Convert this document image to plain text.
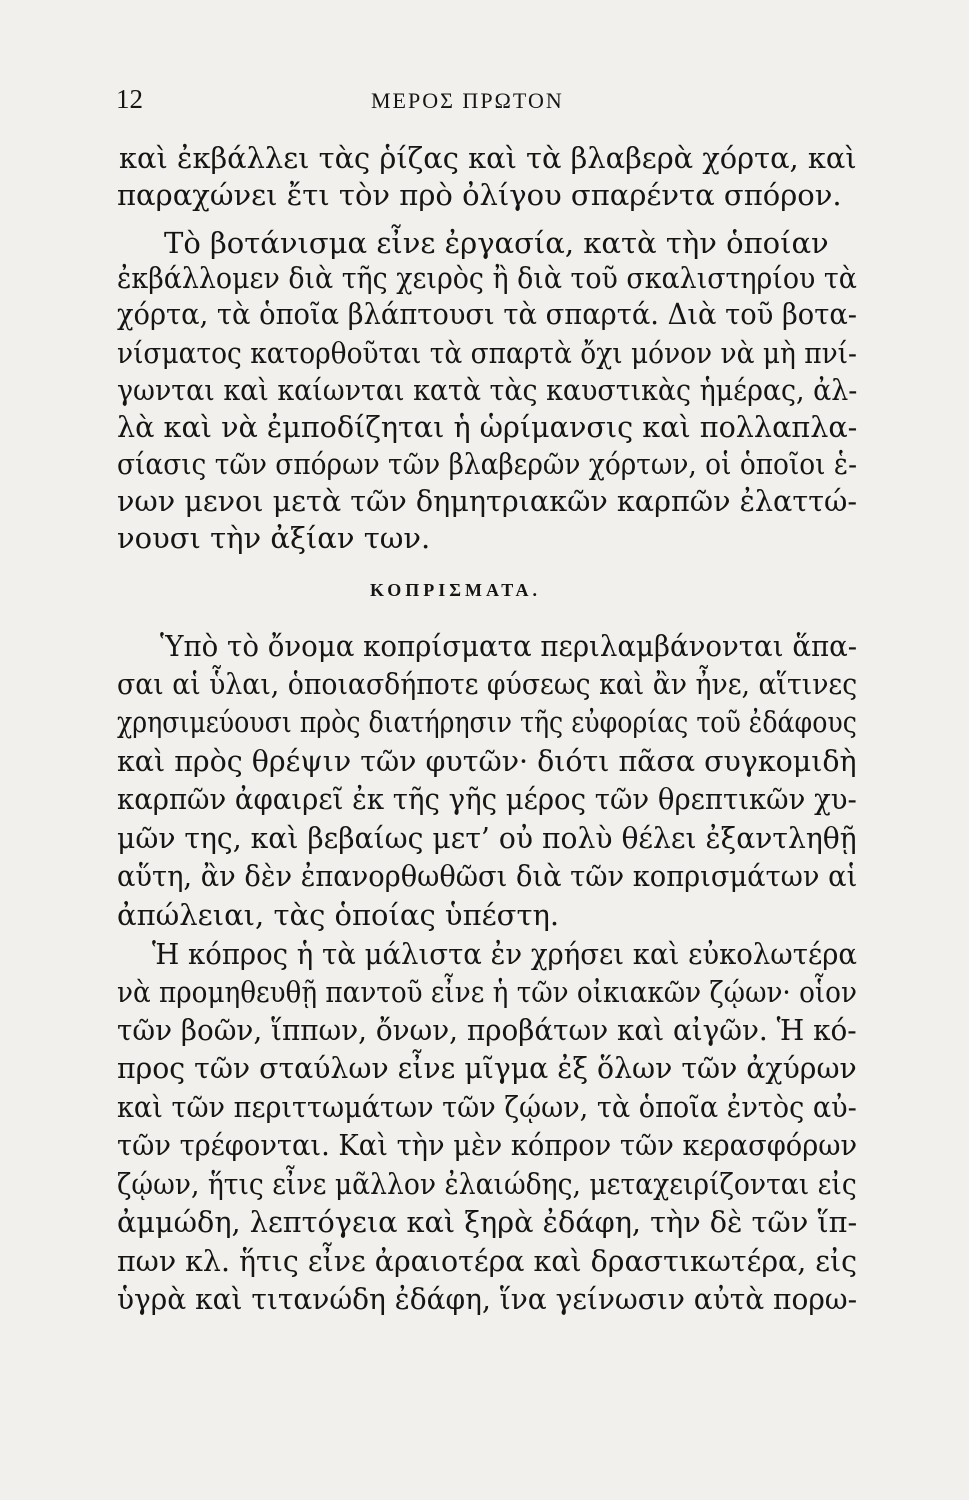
12	ΜΕΡΟΣ ΠΡΩΤΟΝ
καὶ ἐκβάλλει τὰς ῥίζας καὶ τὰ βλαβερὰ χόρτα, καὶ
παραχώνει ἔτι τὸν πρὸ ὀλίγου σπαρέντα σπόρον.
Τὸ βοτάνισμα εἶνε ἐργασία, κατὰ τὴν ὁποίαν
ἐκβάλλομεν διὰ τῆς χειρὸς ἢ διὰ τοῦ σκαλιστηρίου τὰ
χόρτα, τὰ ὁποῖα βλάπτουσι τὰ σπαρτά. Διὰ τοῦ βοτα-
νίσματος κατορθοῦται τὰ σπαρτὰ ὄχι μόνον νὰ μὴ πνί-
γωνται καὶ καίωνται κατὰ τὰς καυστικὰς ἡμέρας, ἀλ-
λὰ καὶ νὰ ἐμποδίζηται ἡ ὡρίμανσις καὶ πολλαπλα-
σίασις τῶν σπόρων τῶν βλαβερῶν χόρτων, οἱ ὁποῖοι ἑ-
νων μενοι μετὰ τῶν δημητριακῶν καρπῶν ἐλαττώ-
νουσι τὴν ἀξίαν των.
ΚΟΠΡΙΣΜΑΤΑ.
Ὑπὸ τὸ ὄνομα κοπρίσματα περιλαμβάνονται ἅπα-
σαι αἱ ὗλαι, ὁποιασδήποτε φύσεως καὶ ἂν ἦνε, αἵτινες
χρησιμεύουσι πρὸς διατήρησιν τῆς εὐφορίας τοῦ ἐδάφους
καὶ πρὸς θρέψιν τῶν φυτῶν· διότι πᾶσα συγκομιδὴ
καρπῶν ἀφαιρεῖ ἐκ τῆς γῆς μέρος τῶν θρεπτικῶν χυ-
μῶν της, καὶ βεβαίως μετ’ οὐ πολὺ θέλει ἐξαντληθῇ
αὕτη, ἂν δὲν ἐπανορθωθῶσι διὰ τῶν κοπρισμάτων αἱ
ἀπώλειαι, τὰς ὁποίας ὑπέστη.
Ἡ κόπρος ἡ τὰ μάλιστα ἐν χρήσει καὶ εὐκολωτέρα
νὰ προμηθευθῇ παντοῦ εἶνε ἡ τῶν οἰκιακῶν ζῴων· οἷον
τῶν βοῶν, ἵππων, ὄνων, προβάτων καὶ αἰγῶν. Ἡ κό-
προς τῶν σταύλων εἶνε μῖγμα ἐξ ὅλων τῶν ἀχύρων
καὶ τῶν περιττωμάτων τῶν ζῴων, τὰ ὁποῖα ἐντὸς αὐ-
τῶν τρέφονται. Καὶ τὴν μὲν κόπρον τῶν κερασφόρων
ζῴων, ἥτις εἶνε μᾶλλον ἐλαιώδης, μεταχειρίζονται εἰς
ἀμμώδη, λεπτόγεια καὶ ξηρὰ ἐδάφη, τὴν δὲ τῶν ἵπ-
πων κλ. ἥτις εἶνε ἀραιοτέρα καὶ δραστικωτέρα, εἰς
ὑγρὰ καὶ τιτανώδη ἐδάφη, ἵνα γείνωσιν αὐτὰ πορω-
